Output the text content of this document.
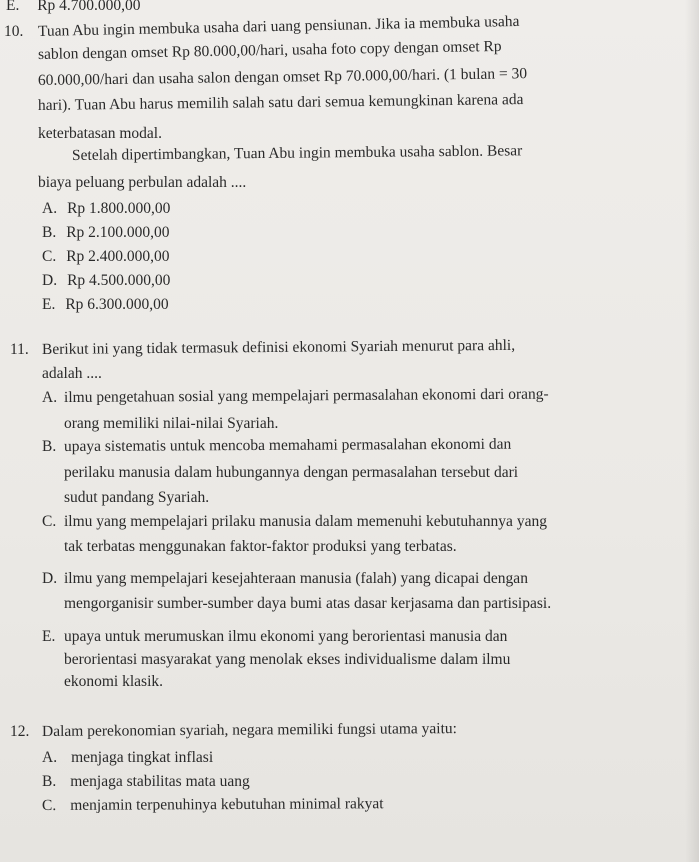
E. Rp 4.700.000,00
10. Tuan Abu ingin membuka usaha dari uang pensiunan. Jika ia membuka usaha
sablon dengan omset Rp 80.000,00/hari, usaha foto copy dengan omset Rp
60.000,00/hari dan usaha salon dengan omset Rp 70.000,00/hari. (1 bulan = 30
hari). Tuan Abu harus memilih salah satu dari semua kemungkinan karena ada
keterbatasan modal.
Setelah dipertimbangkan, Tuan Abu ingin membuka usaha sablon. Besar
biaya peluang perbulan adalah ....
A. Rp 1.800.000,00
B. Rp 2.100.000,00
C. Rp 2.400.000,00
D. Rp 4.500.000,00
E. Rp 6.300.000,00
11. Berikut ini yang tidak termasuk definisi ekonomi Syariah menurut para ahli,
adalah ....
A. ilmu pengetahuan sosial yang mempelajari permasalahan ekonomi dari orang-
orang memiliki nilai-nilai Syariah.
B. upaya sistematis untuk mencoba memahami permasalahan ekonomi dan
perilaku manusia dalam hubungannya dengan permasalahan tersebut dari
sudut pandang Syariah.
C. ilmu yang mempelajari prilaku manusia dalam memenuhi kebutuhannya yang
tak terbatas menggunakan faktor-faktor produksi yang terbatas.
D. ilmu yang mempelajari kesejahteraan manusia (falah) yang dicapai dengan
mengorganisir sumber-sumber daya bumi atas dasar kerjasama dan partisipasi.
E. upaya untuk merumuskan ilmu ekonomi yang berorientasi manusia dan
berorientasi masyarakat yang menolak ekses individualisme dalam ilmu
ekonomi klasik.
12. Dalam perekonomian syariah, negara memiliki fungsi utama yaitu:
A. menjaga tingkat inflasi
B. menjaga stabilitas mata uang
C. menjamin terpenuhinya kebutuhan minimal rakyat
